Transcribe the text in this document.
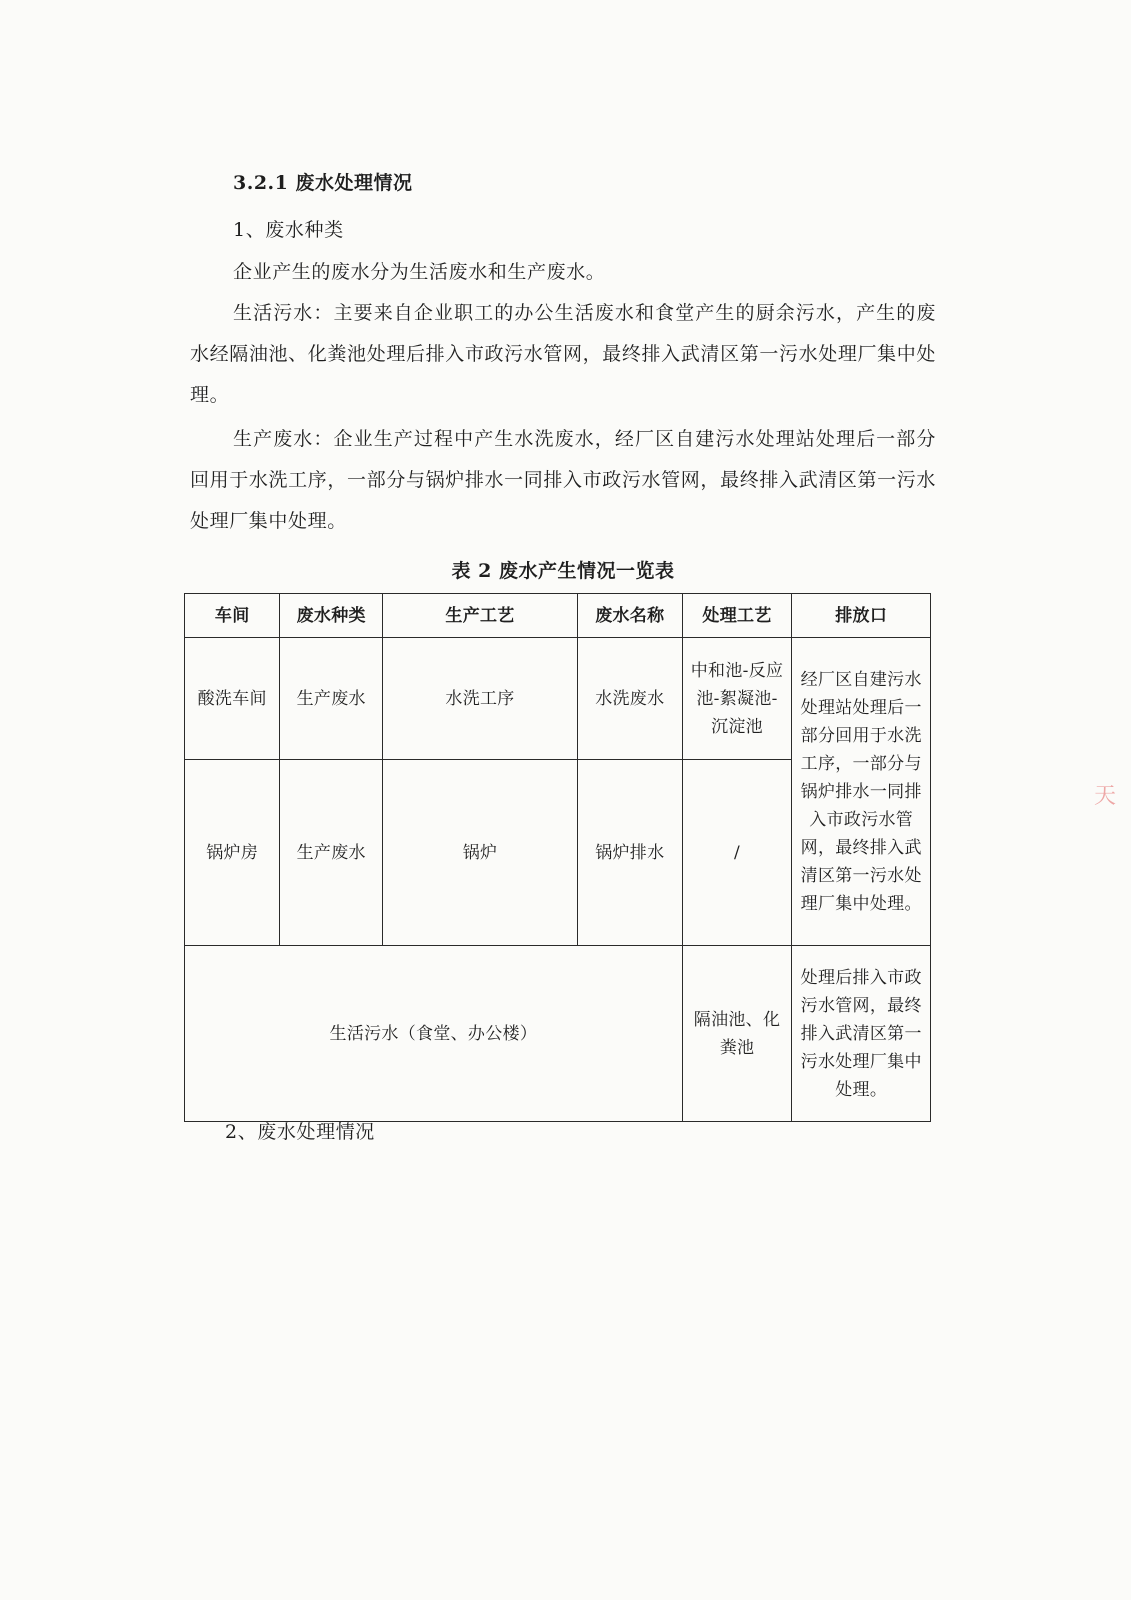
3.2.1 废水处理情况

1、废水种类

企业产生的废水分为生活废水和生产废水。

生活污水：主要来自企业职工的办公生活废水和食堂产生的厨余污水，产生的废水经隔油池、化粪池处理后排入市政污水管网，最终排入武清区第一污水处理厂集中处理。

生产废水：企业生产过程中产生水洗废水，经厂区自建污水处理站处理后一部分回用于水洗工序，一部分与锅炉排水一同排入市政污水管网，最终排入武清区第一污水处理厂集中处理。

表 2 废水产生情况一览表
车间	废水种类	生产工艺	废水名称	处理工艺	排放口
酸洗车间	生产废水	水洗工序	水洗废水	中和池-反应池-絮凝池-沉淀池	经厂区自建污水处理站处理后一部分回用于水洗工序，一部分与锅炉排水一同排入市政污水管网，最终排入武清区第一污水处理厂集中处理。
锅炉房	生产废水	锅炉	锅炉排水	/	
生活污水（食堂、办公楼）				隔油池、化粪池	处理后排入市政污水管网，最终排入武清区第一污水处理厂集中处理。
2、废水处理情况
天
